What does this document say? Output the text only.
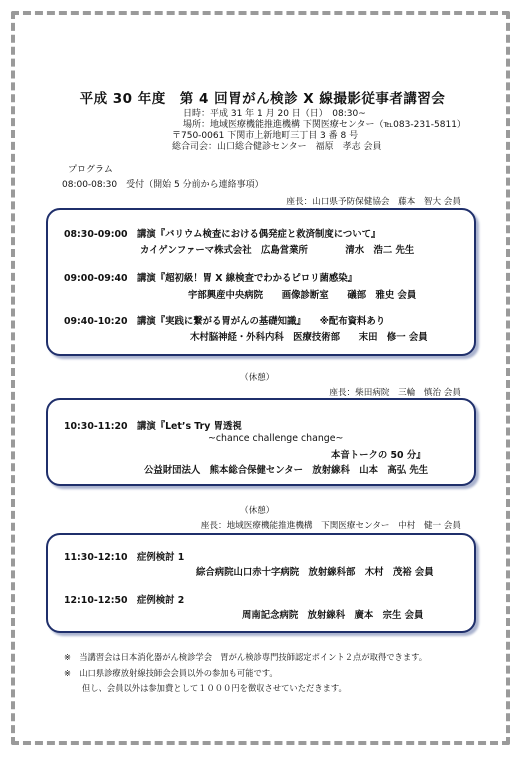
平成 30 年度　第 4 回胃がん検診 X 線撮影従事者講習会
日時：平成 31 年 1 月 20 日（日）　08:30~
場所：地域医療機能推進機構 下関医療センター（℡083-231-5811）
〒750-0061 下関市上新地町三丁目 3 番 8 号
総合司会：山口総合健診センター　福原　孝志 会員
プログラム
08:00-08:30　受付（開始 5 分前から連絡事項）
座長：山口県予防保健協会　藤本　智大 会員
08:30-09:00　講演『バリウム検査における偶発症と救済制度について』
カイゲンファーマ株式会社　広島営業所　　　　清水　浩二 先生
09:00-09:40　講演『超初級！胃 X 線検査でわかるピロリ菌感染』
宇部興産中央病院　　画像診断室　　礒部　雅史 会員
09:40-10:20　講演『実践に繋がる胃がんの基礎知識』　　※配布資料あり
木村脳神経・外科内科　医療技術部　　末田　修一 会員
（休憩）
座長：柴田病院　三輪　慎治 会員
10:30-11:20　講演『Let’s Try 胃透視
~chance challenge change~
本音トークの 50 分』
公益財団法人　熊本総合保健センター　放射線科　山本　高弘 先生
（休憩）
座長：地域医療機能推進機構　下関医療センター　中村　健一 会員
11:30-12:10　症例検討 1
綜合病院山口赤十字病院　放射線科部　木村　茂裕 会員
12:10-12:50　症例検討 2
周南記念病院　放射線科　廣本　宗生 会員
※　当講習会は日本消化器がん検診学会　胃がん検診専門技師認定ポイント２点が取得できます。
※　山口県診療放射線技師会会員以外の参加も可能です。
但し、会員以外は参加費として１０００円を徴収させていただきます。
